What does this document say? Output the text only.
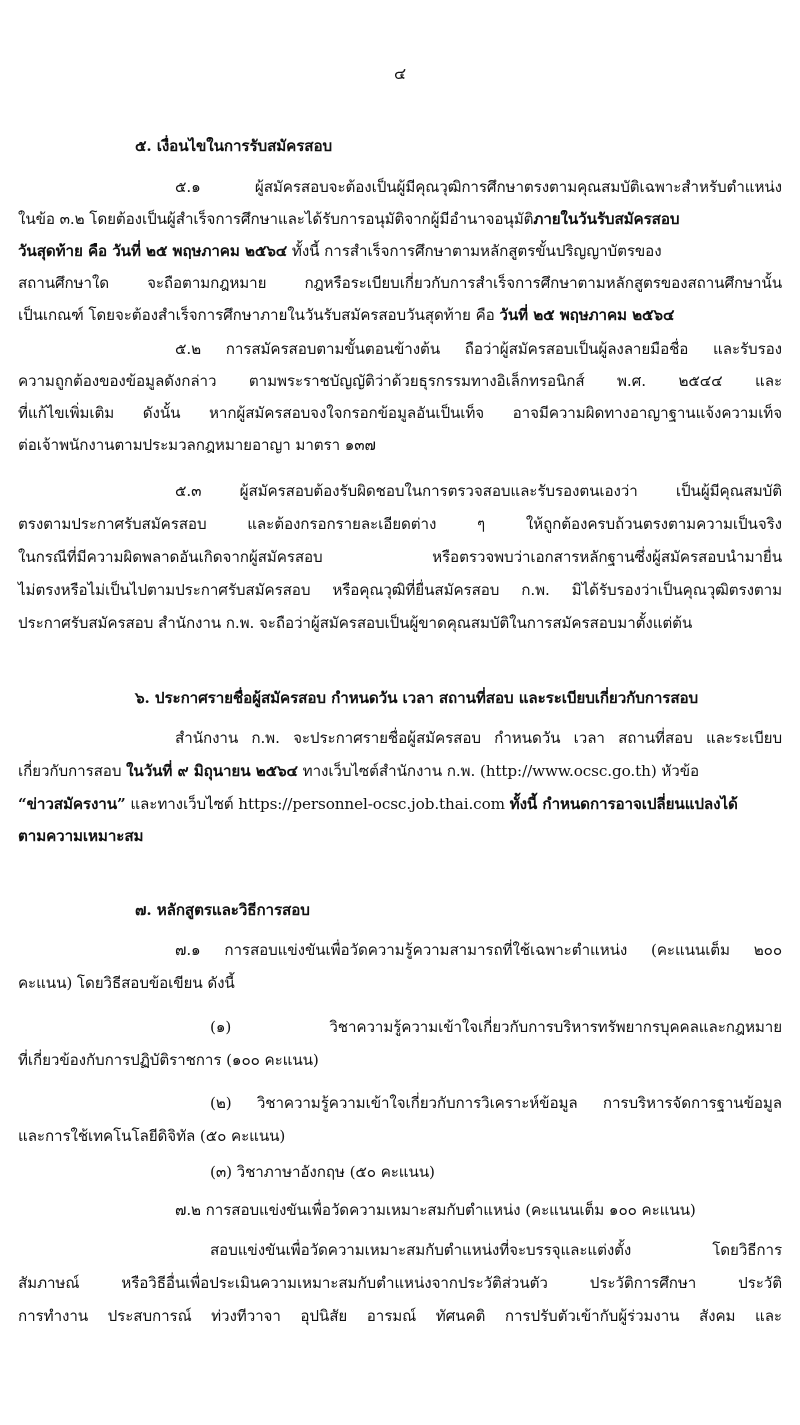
๔
๕. เงื่อนไขในการรับสมัครสอบ
๕.๑ ผู้สมัครสอบจะต้องเป็นผู้มีคุณวุฒิการศึกษาตรงตามคุณสมบัติเฉพาะสำหรับตำแหน่ง
ในข้อ ๓.๒ โดยต้องเป็นผู้สำเร็จการศึกษาและได้รับการอนุมัติจากผู้มีอำนาจอนุมัติภายในวันรับสมัครสอบ
วันสุดท้าย คือ วันที่ ๒๕ พฤษภาคม ๒๕๖๔ ทั้งนี้ การสำเร็จการศึกษาตามหลักสูตรขั้นปริญญาบัตรของ
สถานศึกษาใด จะถือตามกฎหมาย กฎหรือระเบียบเกี่ยวกับการสำเร็จการศึกษาตามหลักสูตรของสถานศึกษานั้น
เป็นเกณฑ์ โดยจะต้องสำเร็จการศึกษาภายในวันรับสมัครสอบวันสุดท้าย คือ วันที่ ๒๕ พฤษภาคม ๒๕๖๔
๕.๒ การสมัครสอบตามขั้นตอนข้างต้น ถือว่าผู้สมัครสอบเป็นผู้ลงลายมือชื่อ และรับรอง
ความถูกต้องของข้อมูลดังกล่าว ตามพระราชบัญญัติว่าด้วยธุรกรรมทางอิเล็กทรอนิกส์ พ.ศ. ๒๕๔๔ และ
ที่แก้ไขเพิ่มเติม ดังนั้น หากผู้สมัครสอบจงใจกรอกข้อมูลอันเป็นเท็จ อาจมีความผิดทางอาญาฐานแจ้งความเท็จ
ต่อเจ้าพนักงานตามประมวลกฎหมายอาญา มาตรา ๑๓๗
๕.๓ ผู้สมัครสอบต้องรับผิดชอบในการตรวจสอบและรับรองตนเองว่า เป็นผู้มีคุณสมบัติ
ตรงตามประกาศรับสมัครสอบ และต้องกรอกรายละเอียดต่าง ๆ ให้ถูกต้องครบถ้วนตรงตามความเป็นจริง
ในกรณีที่มีความผิดพลาดอันเกิดจากผู้สมัครสอบ หรือตรวจพบว่าเอกสารหลักฐานซึ่งผู้สมัครสอบนำมายื่น
ไม่ตรงหรือไม่เป็นไปตามประกาศรับสมัครสอบ หรือคุณวุฒิที่ยื่นสมัครสอบ ก.พ. มิได้รับรองว่าเป็นคุณวุฒิตรงตาม
ประกาศรับสมัครสอบ สำนักงาน ก.พ. จะถือว่าผู้สมัครสอบเป็นผู้ขาดคุณสมบัติในการสมัครสอบมาตั้งแต่ต้น
๖. ประกาศรายชื่อผู้สมัครสอบ กำหนดวัน เวลา สถานที่สอบ และระเบียบเกี่ยวกับการสอบ
สำนักงาน ก.พ. จะประกาศรายชื่อผู้สมัครสอบ กำหนดวัน เวลา สถานที่สอบ และระเบียบ
เกี่ยวกับการสอบ ในวันที่ ๙ มิถุนายน ๒๕๖๔ ทางเว็บไซต์สำนักงาน ก.พ. (http://www.ocsc.go.th) หัวข้อ
“ข่าวสมัครงาน” และทางเว็บไซต์ https://personnel-ocsc.job.thai.com ทั้งนี้ กำหนดการอาจเปลี่ยนแปลงได้
ตามความเหมาะสม
๗. หลักสูตรและวิธีการสอบ
๗.๑ การสอบแข่งขันเพื่อวัดความรู้ความสามารถที่ใช้เฉพาะตำแหน่ง (คะแนนเต็ม ๒๐๐
คะแนน) โดยวิธีสอบข้อเขียน ดังนี้
(๑) วิชาความรู้ความเข้าใจเกี่ยวกับการบริหารทรัพยากรบุคคลและกฎหมาย
ที่เกี่ยวข้องกับการปฏิบัติราชการ (๑๐๐ คะแนน)
(๒) วิชาความรู้ความเข้าใจเกี่ยวกับการวิเคราะห์ข้อมูล การบริหารจัดการฐานข้อมูล
และการใช้เทคโนโลยีดิจิทัล (๕๐ คะแนน)
(๓) วิชาภาษาอังกฤษ (๕๐ คะแนน)
๗.๒ การสอบแข่งขันเพื่อวัดความเหมาะสมกับตำแหน่ง (คะแนนเต็ม ๑๐๐ คะแนน)
สอบแข่งขันเพื่อวัดความเหมาะสมกับตำแหน่งที่จะบรรจุและแต่งตั้ง โดยวิธีการ
สัมภาษณ์ หรือวิธีอื่นเพื่อประเมินความเหมาะสมกับตำแหน่งจากประวัติส่วนตัว ประวัติการศึกษา ประวัติ
การทำงาน ประสบการณ์ ท่วงทีวาจา อุปนิสัย อารมณ์ ทัศนคติ การปรับตัวเข้ากับผู้ร่วมงาน สังคม และ
